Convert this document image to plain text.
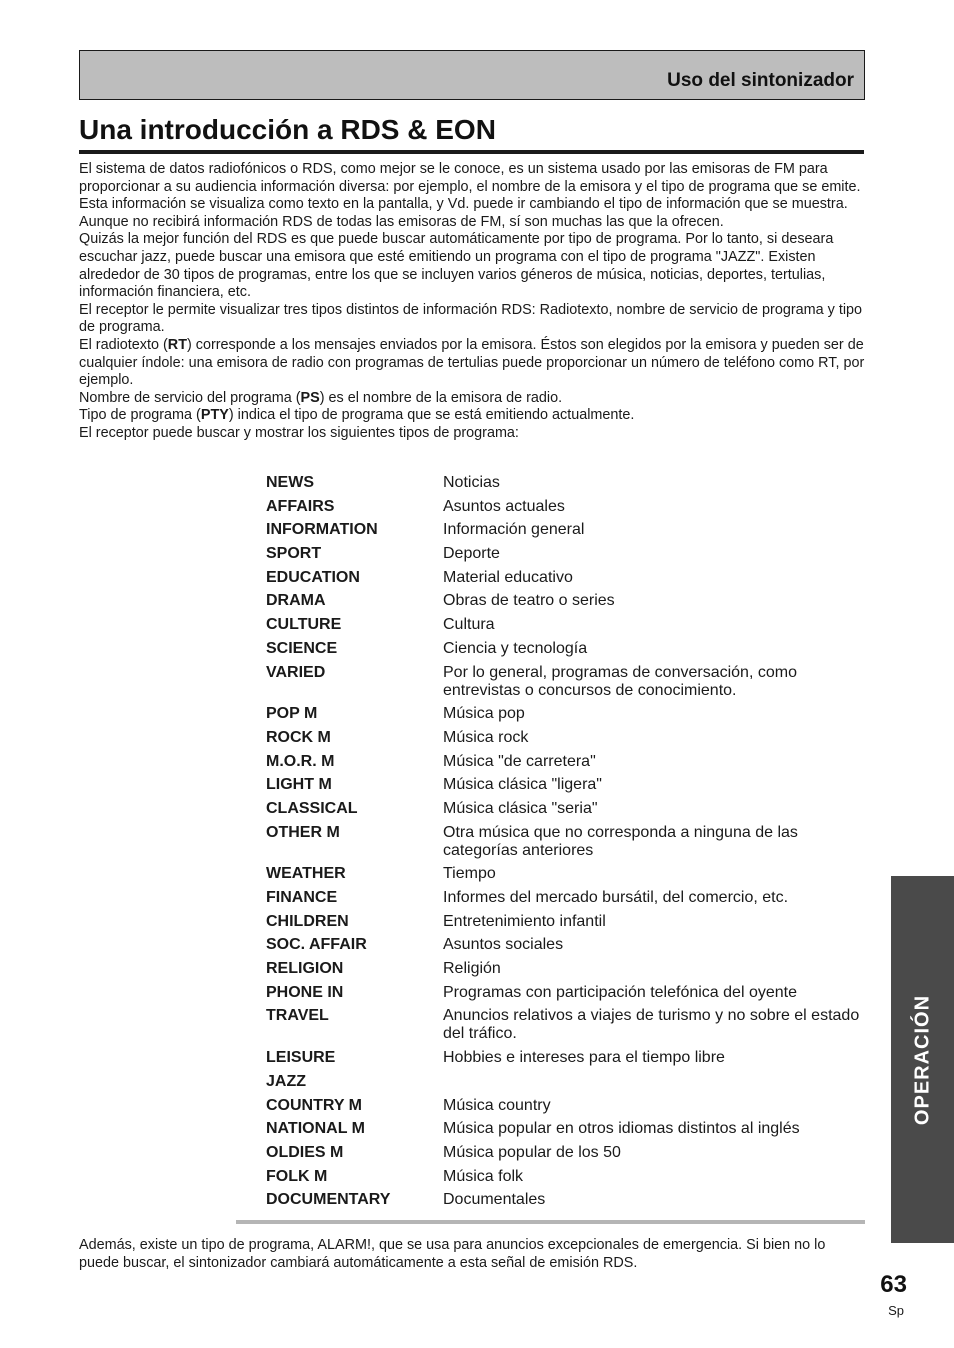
Uso del sintonizador
Una introducción a RDS & EON

El sistema de datos radiofónicos o RDS, como mejor se le conoce, es un sistema usado por las emisoras de FM para proporcionar a su audiencia información diversa: por ejemplo, el nombre de la emisora y el tipo de programa que se emite. Esta información se visualiza como texto en la pantalla, y Vd. puede ir cambiando el tipo de información que se muestra. Aunque no recibirá información RDS de todas las emisoras de FM, sí son muchas las que la ofrecen.

Quizás la mejor función del RDS es que puede buscar automáticamente por tipo de programa. Por lo tanto, si deseara escuchar jazz, puede buscar una emisora que esté emitiendo un programa con el tipo de programa "JAZZ". Existen alrededor de 30 tipos de programas, entre los que se incluyen varios géneros de música, noticias, deportes, tertulias, información financiera, etc.

El receptor le permite visualizar tres tipos distintos de información RDS: Radiotexto, nombre de servicio de programa y tipo de programa.

El radiotexto (RT) corresponde a los mensajes enviados por la emisora. Éstos son elegidos por la emisora y pueden ser de cualquier índole: una emisora de radio con programas de tertulias puede proporcionar un número de teléfono como RT, por ejemplo.

Nombre de servicio del programa (PS) es el nombre de la emisora de radio.

Tipo de programa (PTY) indica el tipo de programa que se está emitiendo actualmente.

El receptor puede buscar y mostrar los siguientes tipos de programa:

NEWS	Noticias
AFFAIRS	Asuntos actuales
INFORMATION	Información general
SPORT	Deporte
EDUCATION	Material educativo
DRAMA	Obras de teatro o series
CULTURE	Cultura
SCIENCE	Ciencia y tecnología
VARIED	Por lo general, programas de conversación, como entrevistas o concursos de conocimiento.
POP M	Música pop
ROCK M	Música rock
M.O.R. M	Música "de carretera"
LIGHT M	Música clásica "ligera"
CLASSICAL	Música clásica "seria"
OTHER M	Otra música que no corresponda a ninguna de las categorías anteriores
WEATHER	Tiempo
FINANCE	Informes del mercado bursátil, del comercio, etc.
CHILDREN	Entretenimiento infantil
SOC. AFFAIR	Asuntos sociales
RELIGION	Religión
PHONE IN	Programas con participación telefónica del oyente
TRAVEL	Anuncios relativos a viajes de turismo y no sobre el estado del tráfico.
LEISURE	Hobbies e intereses para el tiempo libre
JAZZ
COUNTRY M	Música country
NATIONAL M	Música popular en otros idiomas distintos al inglés
OLDIES M	Música popular de los 50
FOLK M	Música folk
DOCUMENTARY	Documentales
Además, existe un tipo de programa, ALARM!, que se usa para anuncios excepcionales de emergencia. Si bien no lo puede buscar, el sintonizador cambiará automáticamente a esta señal de emisión RDS.
OPERACIÓN
63
Sp
